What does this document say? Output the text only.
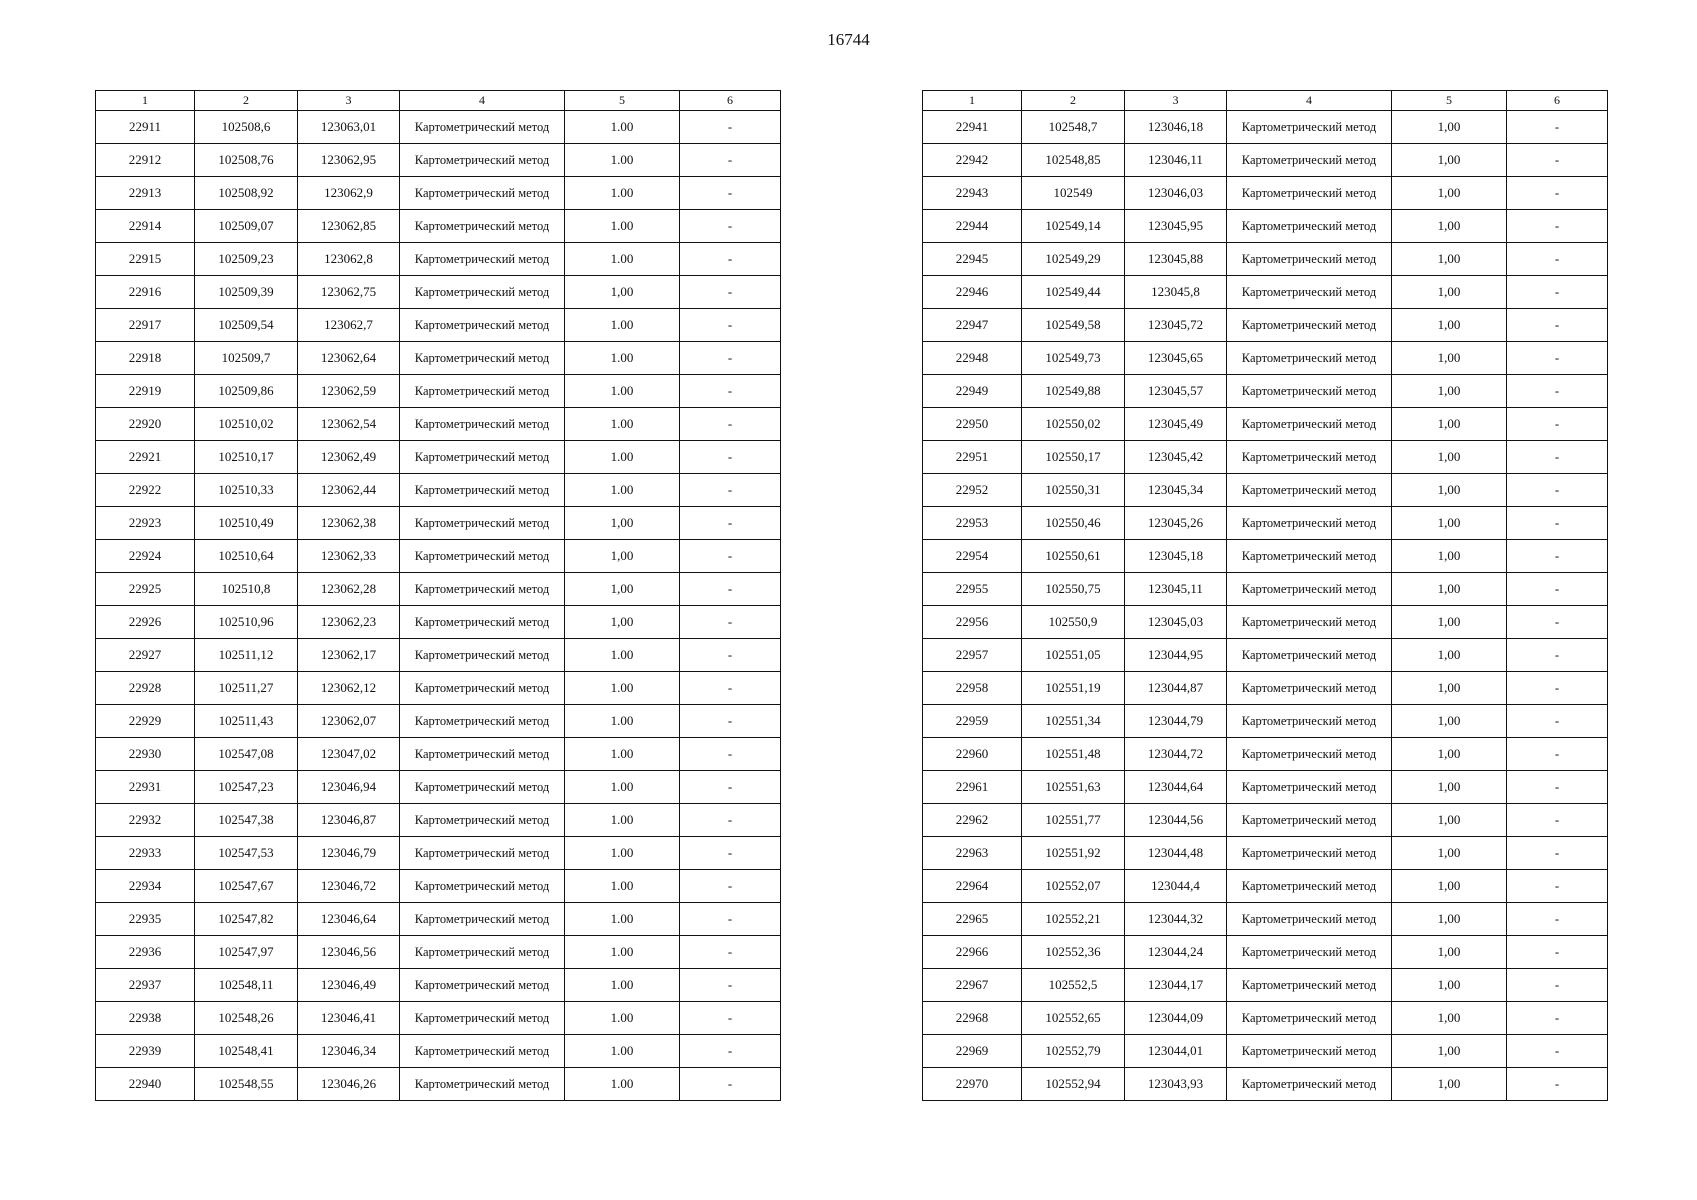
16744
1	2	3	4	5	6
22911	102508,6	123063,01	Картометрический метод	1.00	-
22912	102508,76	123062,95	Картометрический метод	1.00	-
22913	102508,92	123062,9	Картометрический метод	1.00	-
22914	102509,07	123062,85	Картометрический метод	1.00	-
22915	102509,23	123062,8	Картометрический метод	1.00	-
22916	102509,39	123062,75	Картометрический метод	1,00	-
22917	102509,54	123062,7	Картометрический метод	1.00	-
22918	102509,7	123062,64	Картометрический метод	1.00	-
22919	102509,86	123062,59	Картометрический метод	1.00	-
22920	102510,02	123062,54	Картометрический метод	1.00	-
22921	102510,17	123062,49	Картометрический метод	1.00	-
22922	102510,33	123062,44	Картометрический метод	1.00	-
22923	102510,49	123062,38	Картометрический метод	1,00	-
22924	102510,64	123062,33	Картометрический метод	1,00	-
22925	102510,8	123062,28	Картометрический метод	1,00	-
22926	102510,96	123062,23	Картометрический метод	1,00	-
22927	102511,12	123062,17	Картометрический метод	1.00	-
22928	102511,27	123062,12	Картометрический метод	1.00	-
22929	102511,43	123062,07	Картометрический метод	1.00	-
22930	102547,08	123047,02	Картометрический метод	1.00	-
22931	102547,23	123046,94	Картометрический метод	1.00	-
22932	102547,38	123046,87	Картометрический метод	1.00	-
22933	102547,53	123046,79	Картометрический метод	1.00	-
22934	102547,67	123046,72	Картометрический метод	1.00	-
22935	102547,82	123046,64	Картометрический метод	1.00	-
22936	102547,97	123046,56	Картометрический метод	1.00	-
22937	102548,11	123046,49	Картометрический метод	1.00	-
22938	102548,26	123046,41	Картометрический метод	1.00	-
22939	102548,41	123046,34	Картометрический метод	1.00	-
22940	102548,55	123046,26	Картометрический метод	1.00	-
1	2	3	4	5	6
22941	102548,7	123046,18	Картометрический метод	1,00	-
22942	102548,85	123046,11	Картометрический метод	1,00	-
22943	102549	123046,03	Картометрический метод	1,00	-
22944	102549,14	123045,95	Картометрический метод	1,00	-
22945	102549,29	123045,88	Картометрический метод	1,00	-
22946	102549,44	123045,8	Картометрический метод	1,00	-
22947	102549,58	123045,72	Картометрический метод	1,00	-
22948	102549,73	123045,65	Картометрический метод	1,00	-
22949	102549,88	123045,57	Картометрический метод	1,00	-
22950	102550,02	123045,49	Картометрический метод	1,00	-
22951	102550,17	123045,42	Картометрический метод	1,00	-
22952	102550,31	123045,34	Картометрический метод	1,00	-
22953	102550,46	123045,26	Картометрический метод	1,00	-
22954	102550,61	123045,18	Картометрический метод	1,00	-
22955	102550,75	123045,11	Картометрический метод	1,00	-
22956	102550,9	123045,03	Картометрический метод	1,00	-
22957	102551,05	123044,95	Картометрический метод	1,00	-
22958	102551,19	123044,87	Картометрический метод	1,00	-
22959	102551,34	123044,79	Картометрический метод	1,00	-
22960	102551,48	123044,72	Картометрический метод	1,00	-
22961	102551,63	123044,64	Картометрический метод	1,00	-
22962	102551,77	123044,56	Картометрический метод	1,00	-
22963	102551,92	123044,48	Картометрический метод	1,00	-
22964	102552,07	123044,4	Картометрический метод	1,00	-
22965	102552,21	123044,32	Картометрический метод	1,00	-
22966	102552,36	123044,24	Картометрический метод	1,00	-
22967	102552,5	123044,17	Картометрический метод	1,00	-
22968	102552,65	123044,09	Картометрический метод	1,00	-
22969	102552,79	123044,01	Картометрический метод	1,00	-
22970	102552,94	123043,93	Картометрический метод	1,00	-
